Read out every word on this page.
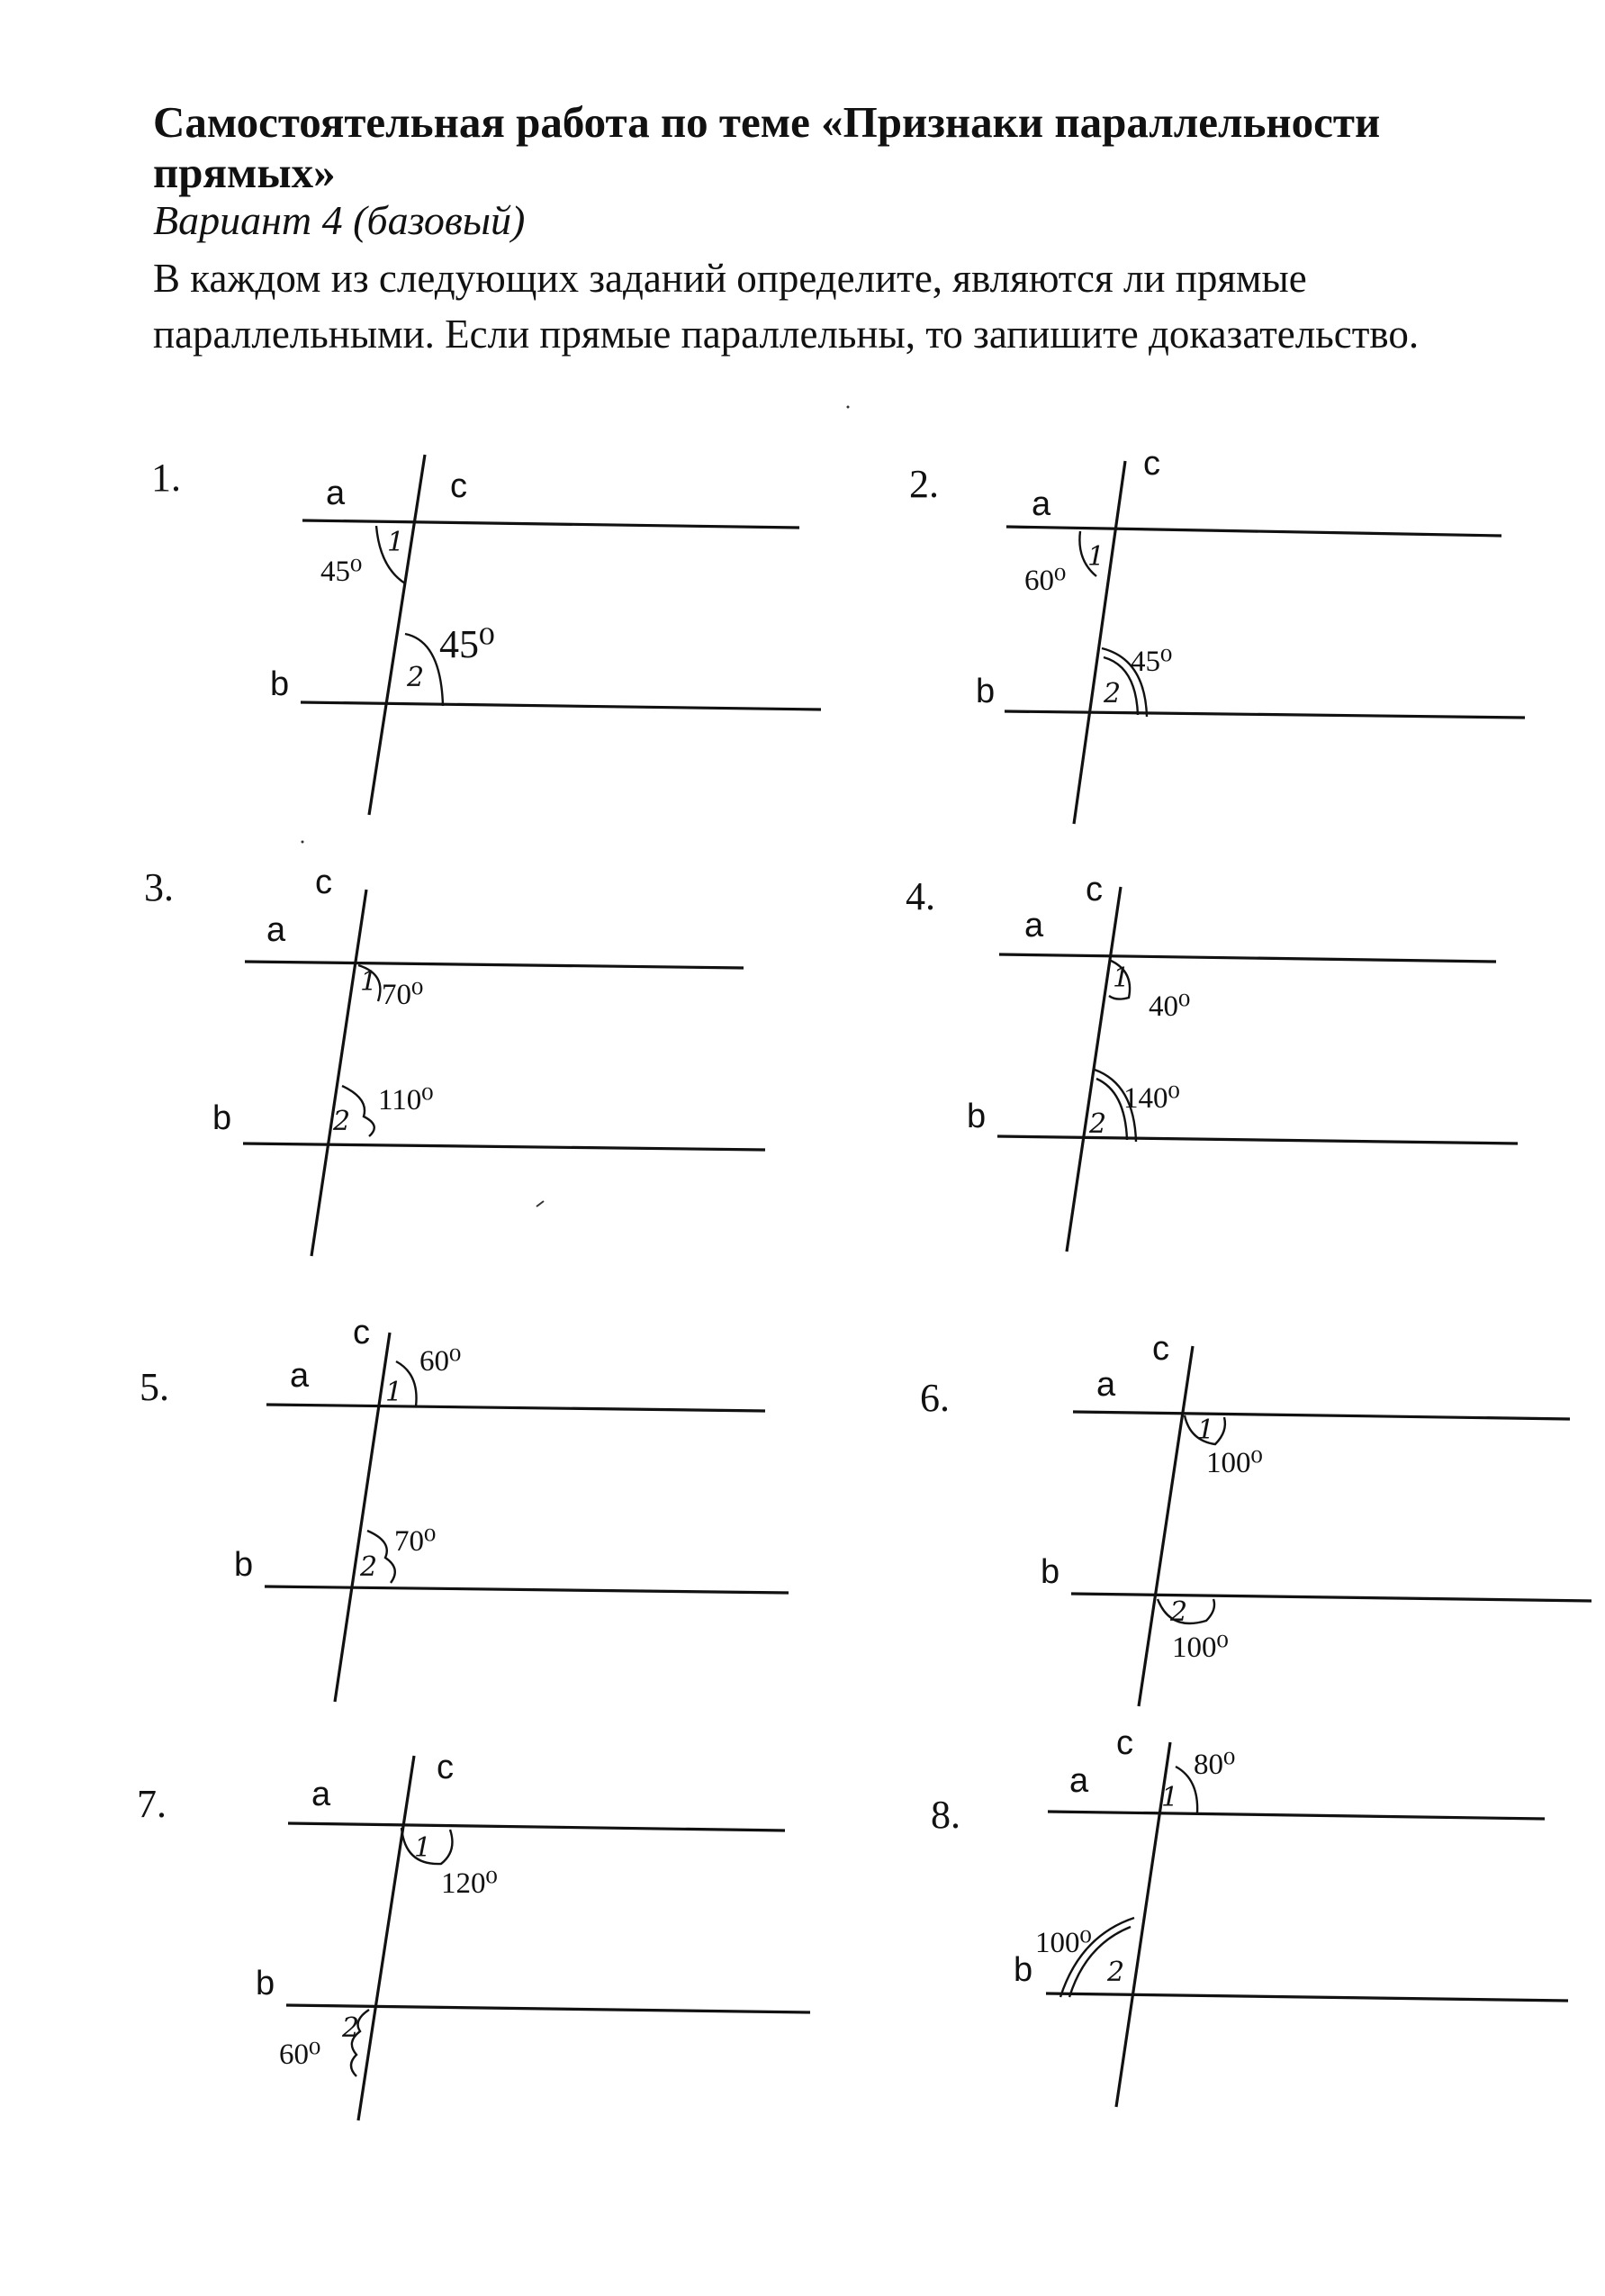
Самостоятельная работа по теме «Признаки параллельности прямых»

Вариант 4 (базовый)

В каждом из следующих заданий определите, являются ли прямые параллельными. Если прямые параллельны, то запишите доказательство.

1.	2.
3.	4.
5.	6.
7.	8.
a
b
c
1
2
45⁰
45⁰
a
b
c
1
2
60⁰
45⁰
a
b
c
1
2
70⁰
110⁰
a
b
c
1
2
40⁰
140⁰
a
b
c
1
2
60⁰
70⁰
a
b
c
1
2
100⁰
100⁰
a
b
c
1
2
120⁰
60⁰
a
b
c
1
2
80⁰
100⁰
